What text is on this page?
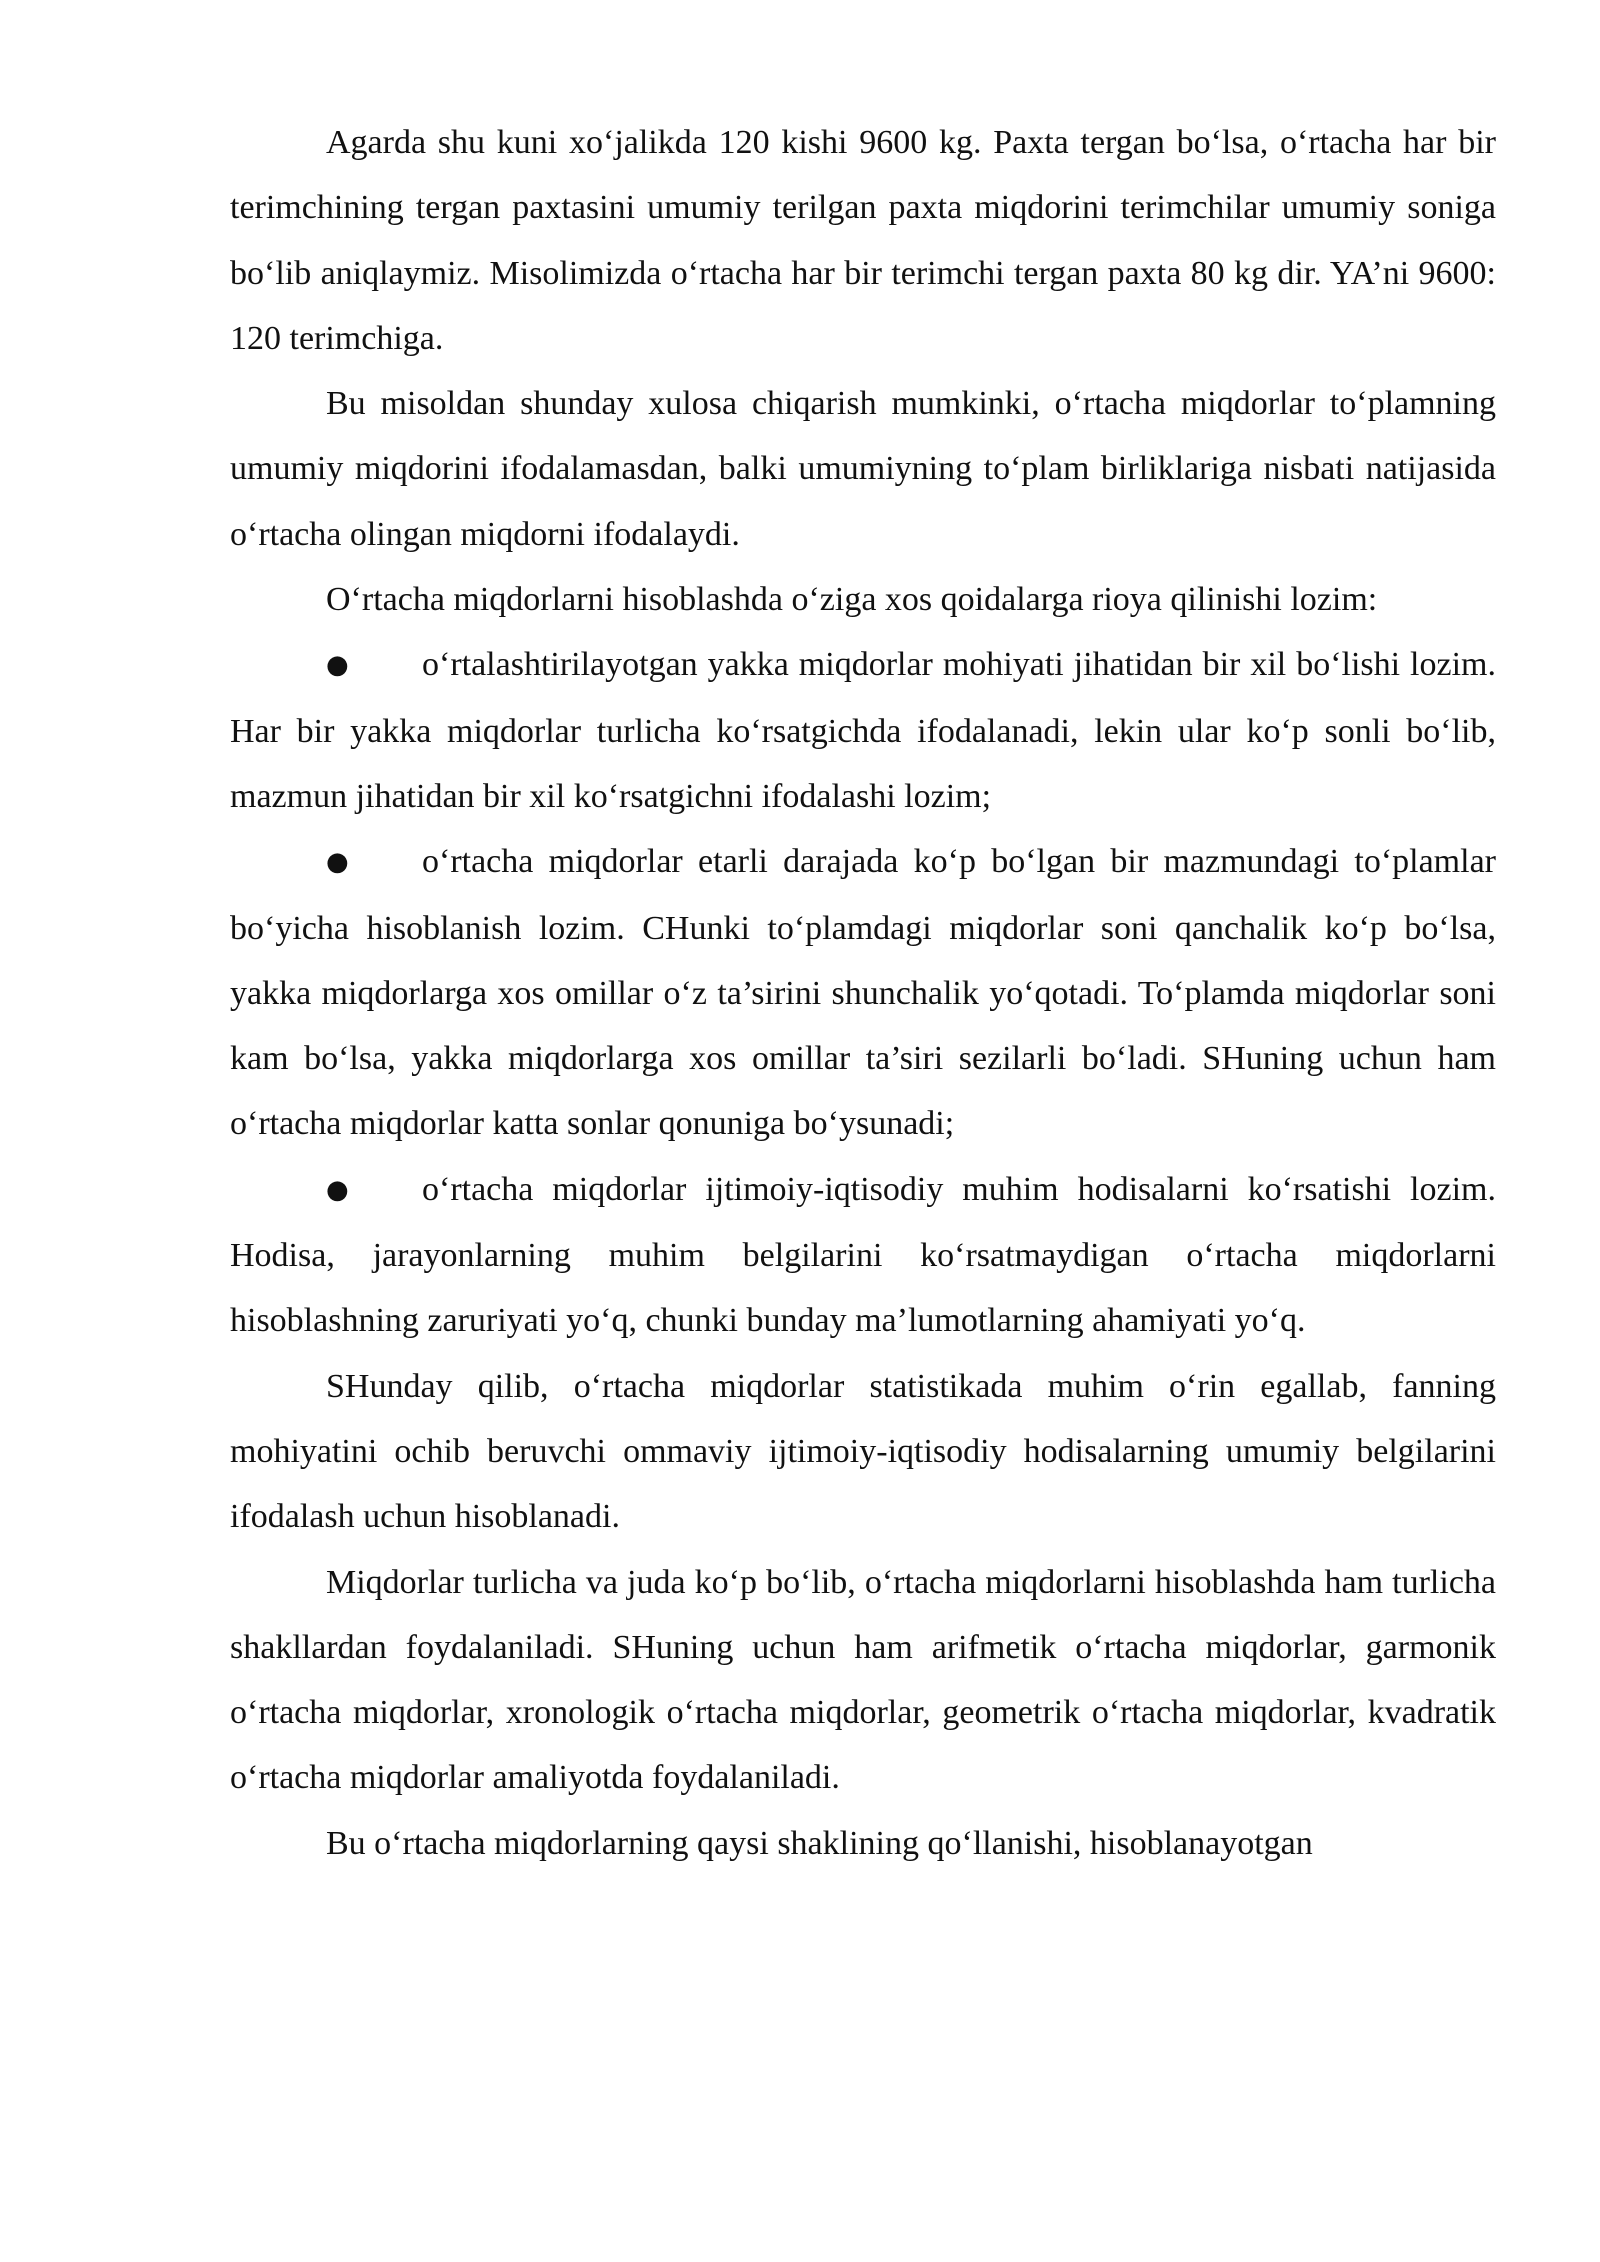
Agarda shu kuni xo‘jalikda 120 kishi 9600 kg. Paxta tergan bo‘lsa, o‘rtacha har bir terimchining tergan paxtasini umumiy terilgan paxta miqdorini terimchilar umumiy soniga bo‘lib aniqlaymiz. Misolimizda o‘rtacha har bir terimchi tergan paxta 80 kg dir. YA’ni 9600: 120 terimchiga.

Bu misoldan shunday xulosa chiqarish mumkinki, o‘rtacha miqdorlar to‘plamning umumiy miqdorini ifodalamasdan, balki umumiyning to‘plam birliklariga nisbati natijasida o‘rtacha olingan miqdorni ifodalaydi.

O‘rtacha miqdorlarni hisoblashda o‘ziga xos qoidalarga rioya qilinishi lozim:

● o‘rtalashtirilayotgan yakka miqdorlar mohiyati jihatidan bir xil bo‘lishi lozim. Har bir yakka miqdorlar turlicha ko‘rsatgichda ifodalanadi, lekin ular ko‘p sonli bo‘lib, mazmun jihatidan bir xil ko‘rsatgichni ifodalashi lozim;

● o‘rtacha miqdorlar etarli darajada ko‘p bo‘lgan bir mazmundagi to‘plamlar bo‘yicha hisoblanish lozim. CHunki to‘plamdagi miqdorlar soni qanchalik ko‘p bo‘lsa, yakka miqdorlarga xos omillar o‘z ta’sirini shunchalik yo‘qotadi. To‘plamda miqdorlar soni kam bo‘lsa, yakka miqdorlarga xos omillar ta’siri sezilarli bo‘ladi. SHuning uchun ham o‘rtacha miqdorlar katta sonlar qonuniga bo‘ysunadi;

● o‘rtacha miqdorlar ijtimoiy-iqtisodiy muhim hodisalarni ko‘rsatishi lozim. Hodisa, jarayonlarning muhim belgilarini ko‘rsatmaydigan o‘rtacha miqdorlarni hisoblashning zaruriyati yo‘q, chunki bunday ma’lumotlarning ahamiyati yo‘q.

SHunday qilib, o‘rtacha miqdorlar statistikada muhim o‘rin egallab, fanning mohiyatini ochib beruvchi ommaviy ijtimoiy-iqtisodiy hodisalarning umumiy belgilarini ifodalash uchun hisoblanadi.

Miqdorlar turlicha va juda ko‘p bo‘lib, o‘rtacha miqdorlarni hisoblashda ham turlicha shakllardan foydalaniladi. SHuning uchun ham arifmetik o‘rtacha miqdorlar, garmonik o‘rtacha miqdorlar, xronologik o‘rtacha miqdorlar, geometrik o‘rtacha miqdorlar, kvadratik o‘rtacha miqdorlar amaliyotda foydalaniladi.

Bu o‘rtacha miqdorlarning qaysi shaklining qo‘llanishi, hisoblanayotgan
